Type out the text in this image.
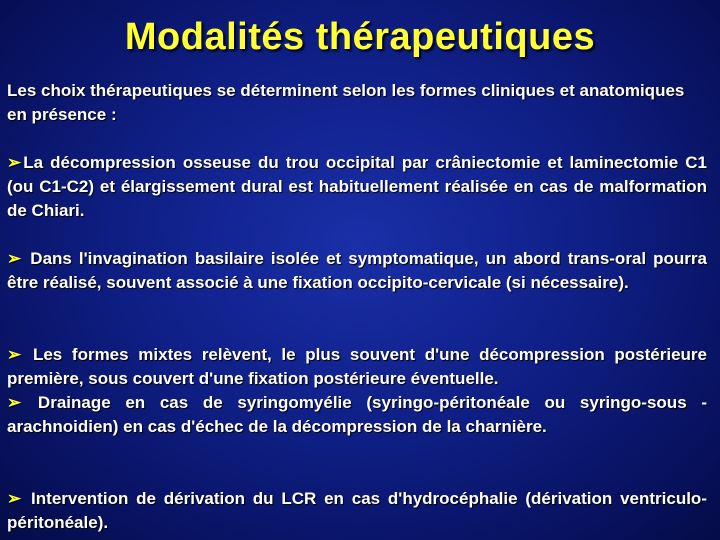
Modalités thérapeutiques
Les choix thérapeutiques se déterminent selon les formes cliniques et anatomiques en présence :
➢ La décompression osseuse du trou occipital par crâniectomie et laminectomie C1 (ou C1-C2) et élargissement dural est habituellement réalisée en cas de malformation de Chiari.
➢ Dans l'invagination basilaire isolée et symptomatique, un abord trans-oral pourra être réalisé, souvent associé à une fixation occipito-cervicale (si nécessaire).
➢ Les formes mixtes relèvent, le plus souvent d'une décompression postérieure première, sous couvert d'une fixation postérieure éventuelle.
➢ Drainage en cas de syringomyélie (syringo-péritonéale ou syringo-sous -arachnoidien) en cas d'échec de la décompression de la charnière.
➢ Intervention de dérivation du LCR en cas d'hydrocéphalie (dérivation ventriculo-péritonéale).
